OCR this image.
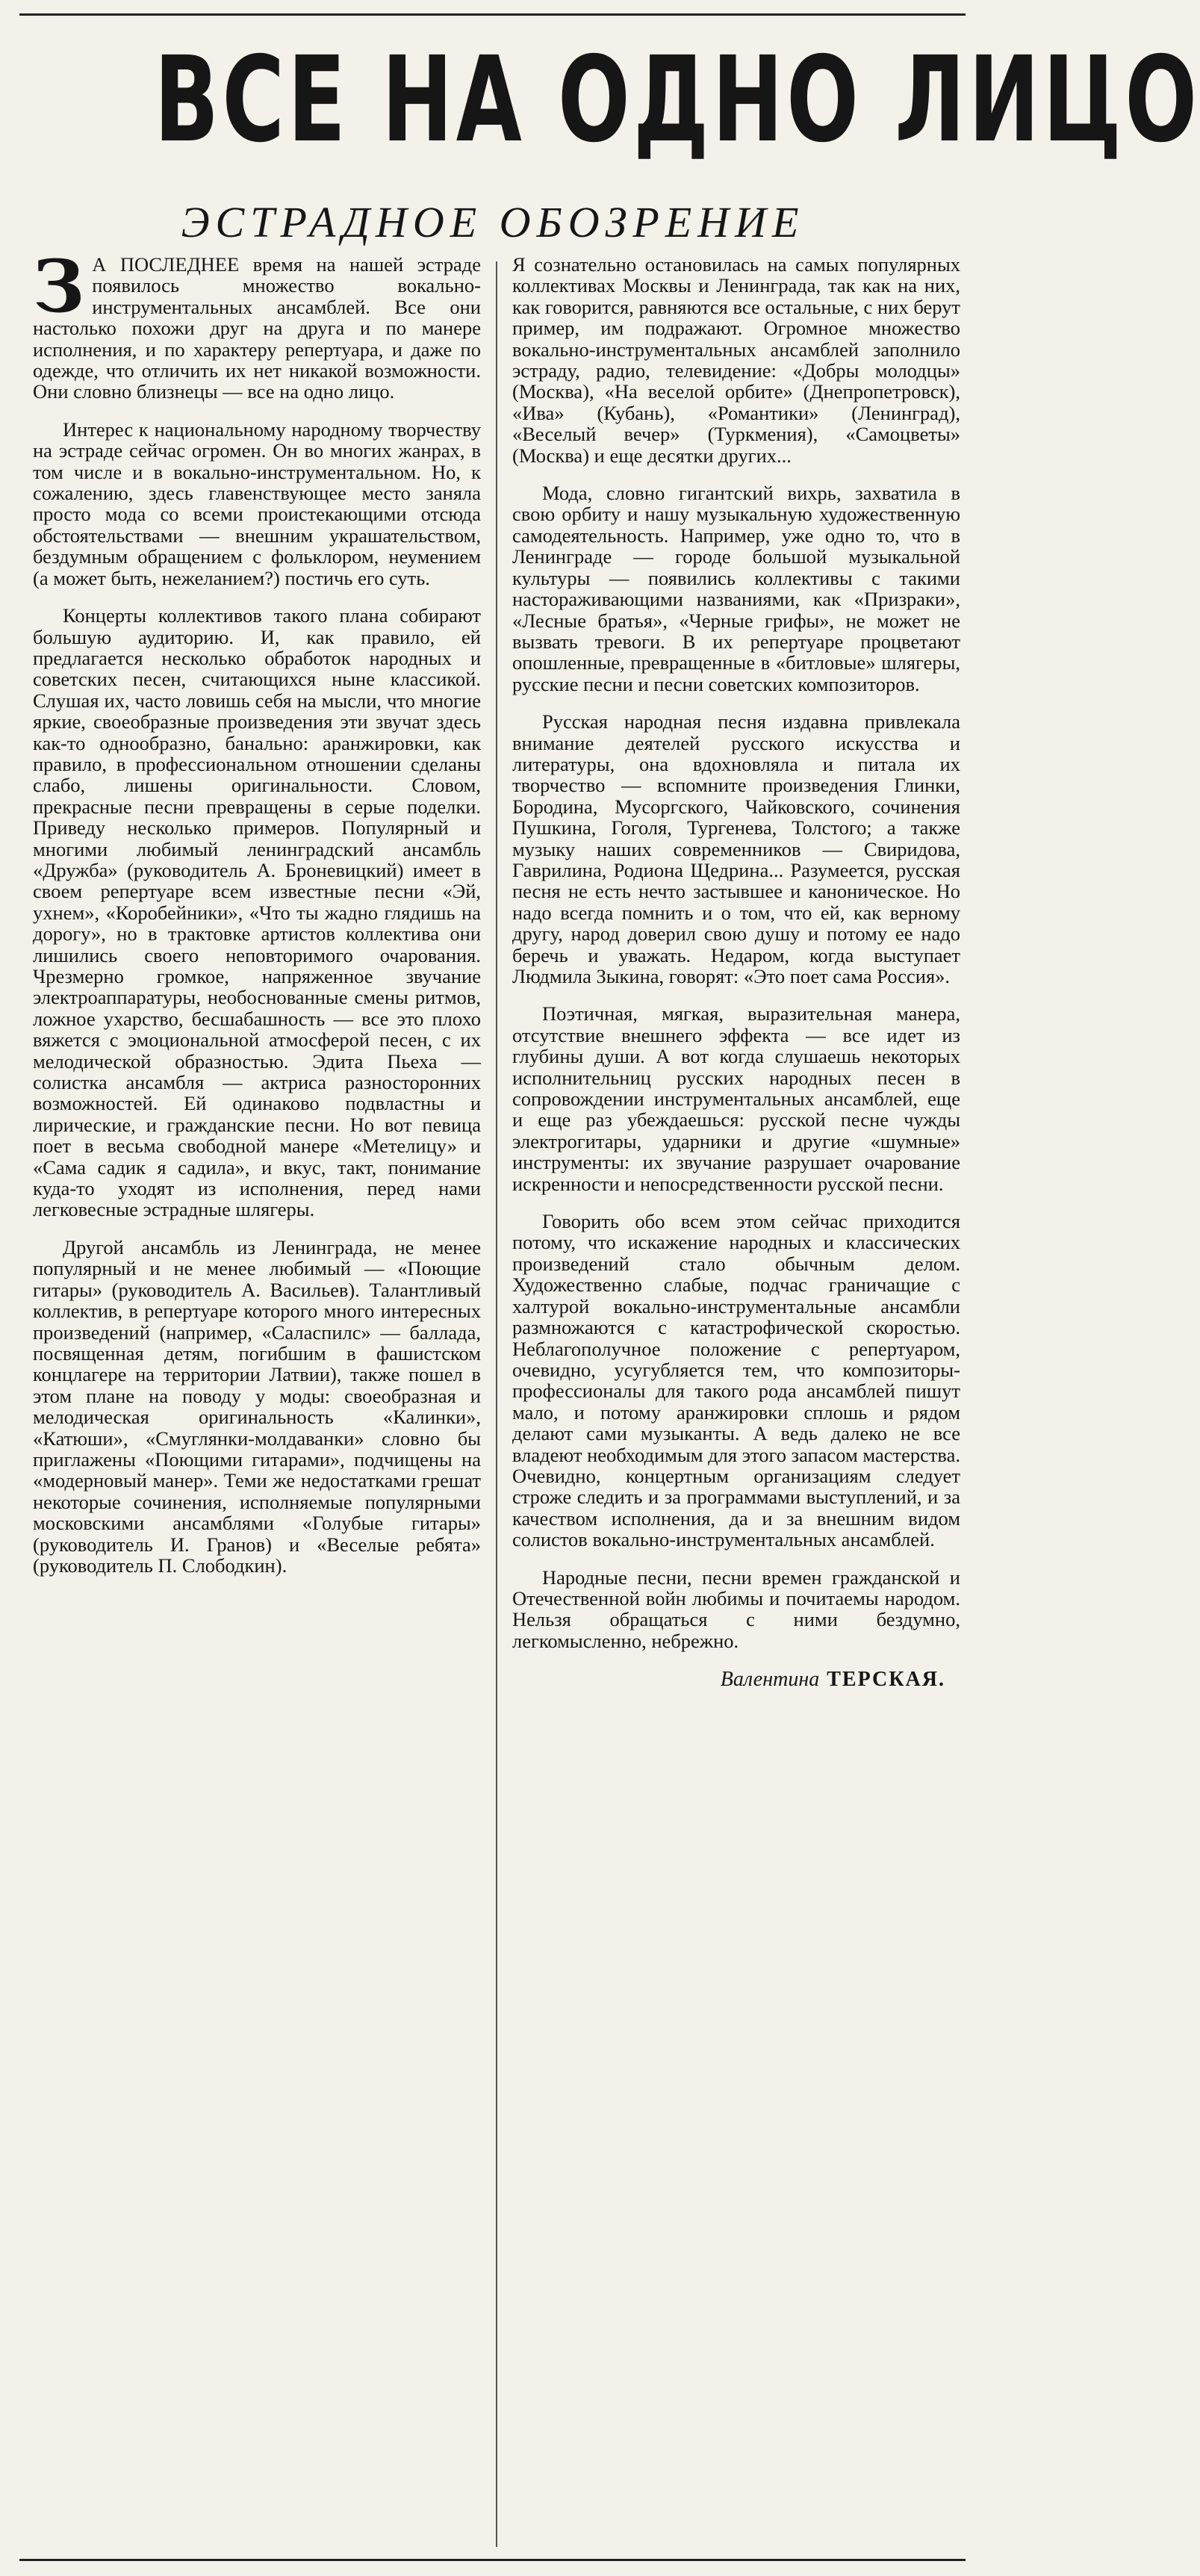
ВСЕ НА ОДНО ЛИЦО
ЭСТРАДНОЕ ОБОЗРЕНИЕ

З А ПОСЛЕДНЕЕ время на нашей эстраде появилось множество вокально-инструментальных ансамблей. Все они настолько похожи друг на друга и по манере исполнения, и по характеру репертуара, и даже по одежде, что отличить их нет никакой возможности. Они словно близнецы — все на одно лицо.

Интерес к национальному народному творчеству на эстраде сейчас огромен. Он во многих жанрах, в том числе и в вокально-инструментальном. Но, к сожалению, здесь главенствующее место заняла просто мода со всеми проистекающими отсюда обстоятельствами — внешним украшательством, бездумным обращением с фольклором, неумением (а может быть, нежеланием?) постичь его суть.

Концерты коллективов такого плана собирают большую аудиторию. И, как правило, ей предлагается несколько обработок народных и советских песен, считающихся ныне классикой. Слушая их, часто ловишь себя на мысли, что многие яркие, своеобразные произведения эти звучат здесь как-то однообразно, банально: аранжировки, как правило, в профессиональном отношении сделаны слабо, лишены оригинальности. Словом, прекрасные песни превращены в серые поделки. Приведу несколько примеров. Популярный и многими любимый ленинградский ансамбль «Дружба» (руководитель А. Броневицкий) имеет в своем репертуаре всем известные песни «Эй, ухнем», «Коробейники», «Что ты жадно глядишь на дорогу», но в трактовке артистов коллектива они лишились своего неповторимого очарования. Чрезмерно громкое, напряженное звучание электроаппаратуры, необоснованные смены ритмов, ложное ухарство, бесшабашность — все это плохо вяжется с эмоциональной атмосферой песен, с их мелодической образностью. Эдита Пьеха — солистка ансамбля — актриса разносторонних возможностей. Ей одинаково подвластны и лирические, и гражданские песни. Но вот певица поет в весьма свободной манере «Метелицу» и «Сама садик я садила», и вкус, такт, понимание куда-то уходят из исполнения, перед нами легковесные эстрадные шлягеры.

Другой ансамбль из Ленинграда, не менее популярный и не менее любимый — «Поющие гитары» (руководитель А. Васильев). Талантливый коллектив, в репертуаре которого много интересных произведений (например, «Саласпилс» — баллада, посвященная детям, погибшим в фашистском концлагере на территории Латвии), также пошел в этом плане на поводу у моды: своеобразная и мелодическая оригинальность «Калинки», «Катюши», «Смуглянки-молдаванки» словно бы приглажены «Поющими гитарами», подчищены на «модерновый манер». Теми же недостатками грешат некоторые сочинения, исполняемые популярными московскими ансамблями «Голубые гитары» (руководитель И. Гранов) и «Веселые ребята» (руководитель П. Слободкин).

Я сознательно остановилась на самых популярных коллективах Москвы и Ленинграда, так как на них, как говорится, равняются все остальные, с них берут пример, им подражают. Огромное множество вокально-инструментальных ансамблей заполнило эстраду, радио, телевидение: «Добры молодцы» (Москва), «На веселой орбите» (Днепропетровск), «Ива» (Кубань), «Романтики» (Ленинград), «Веселый вечер» (Туркмения), «Самоцветы» (Москва) и еще десятки других...

Мода, словно гигантский вихрь, захватила в свою орбиту и нашу музыкальную художественную самодеятельность. Например, уже одно то, что в Ленинграде — городе большой музыкальной культуры — появились коллективы с такими настораживающими названиями, как «Призраки», «Лесные братья», «Черные грифы», не может не вызвать тревоги. В их репертуаре процветают опошленные, превращенные в «битловые» шлягеры, русские песни и песни советских композиторов.

Русская народная песня издавна привлекала внимание деятелей русского искусства и литературы, она вдохновляла и питала их творчество — вспомните произведения Глинки, Бородина, Мусоргского, Чайковского, сочинения Пушкина, Гоголя, Тургенева, Толстого; а также музыку наших современников — Свиридова, Гаврилина, Родиона Щедрина... Разумеется, русская песня не есть нечто застывшее и каноническое. Но надо всегда помнить и о том, что ей, как верному другу, народ доверил свою душу и потому ее надо беречь и уважать. Недаром, когда выступает Людмила Зыкина, говорят: «Это поет сама Россия».

Поэтичная, мягкая, выразительная манера, отсутствие внешнего эффекта — все идет из глубины души. А вот когда слушаешь некоторых исполнительниц русских народных песен в сопровождении инструментальных ансамблей, еще и еще раз убеждаешься: русской песне чужды электрогитары, ударники и другие «шумные» инструменты: их звучание разрушает очарование искренности и непосредственности русской песни.

Говорить обо всем этом сейчас приходится потому, что искажение народных и классических произведений стало обычным делом. Художественно слабые, подчас граничащие с халтурой вокально-инструментальные ансамбли размножаются с катастрофической скоростью. Неблагополучное положение с репертуаром, очевидно, усугубляется тем, что композиторы-профессионалы для такого рода ансамблей пишут мало, и потому аранжировки сплошь и рядом делают сами музыканты. А ведь далеко не все владеют необходимым для этого запасом мастерства. Очевидно, концертным организациям следует строже следить и за программами выступлений, и за качеством исполнения, да и за внешним видом солистов вокально-инструментальных ансамблей.

Народные песни, песни времен гражданской и Отечественной войн любимы и почитаемы народом. Нельзя обращаться с ними бездумно, легкомысленно, небрежно.

Валентина ТЕРСКАЯ.
